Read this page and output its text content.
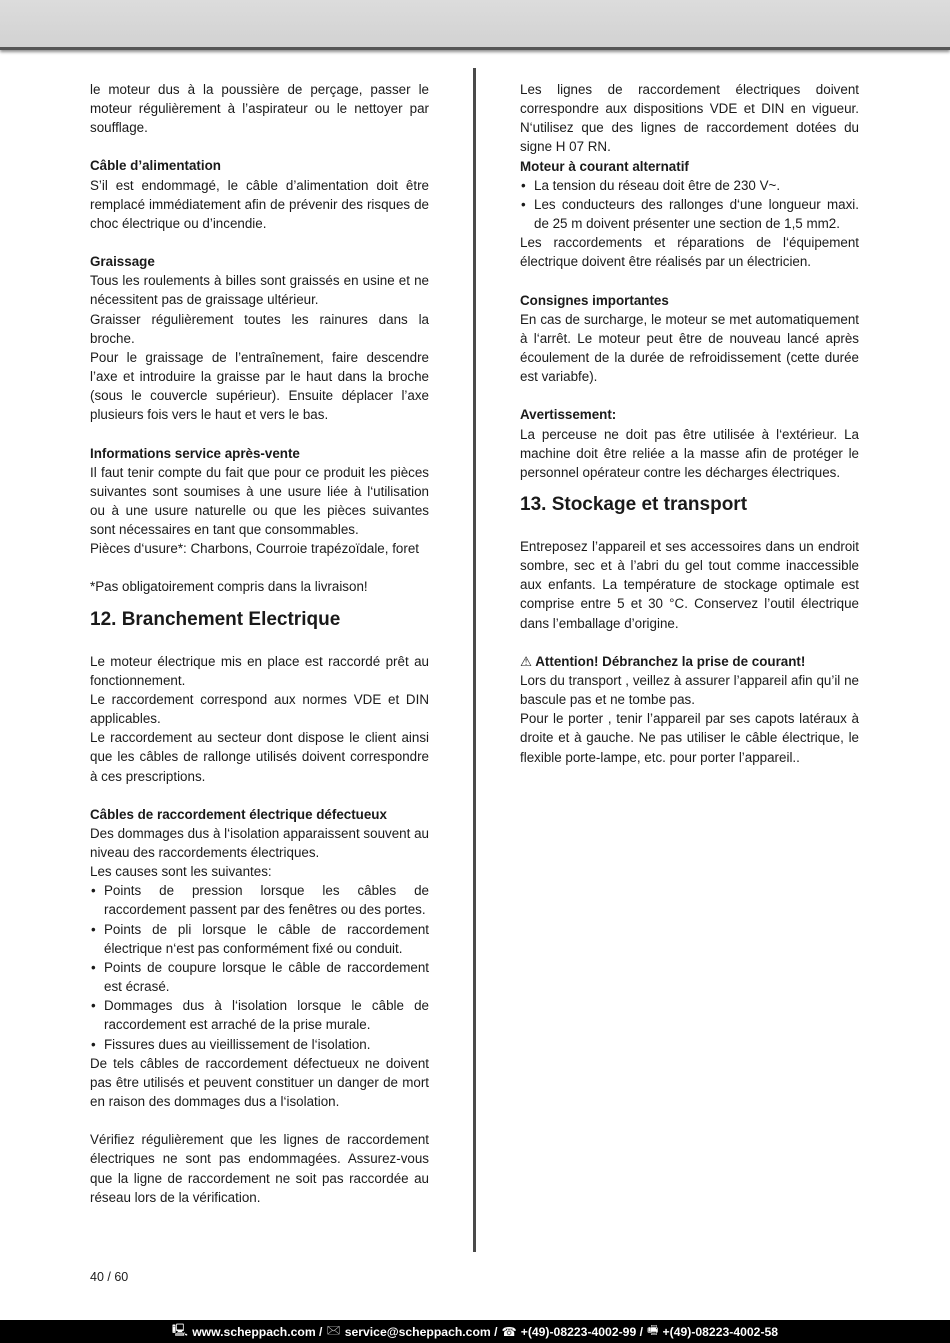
le moteur dus à la poussière de perçage, passer le moteur régulièrement à l’aspirateur ou le nettoyer par soufflage.

Câble d’alimentation

S’il est endommagé, le câble d’alimentation doit être remplacé immédiatement afin de prévenir des risques de choc électrique ou d’incendie.

Graissage

Tous les roulements à billes sont graissés en usine et ne nécessitent pas de graissage ultérieur.

Graisser régulièrement toutes les rainures dans la broche.

Pour le graissage de l’entraînement, faire descendre l’axe et introduire la graisse par le haut dans la broche (sous le couvercle supérieur). Ensuite déplacer l’axe plusieurs fois vers le haut et vers le bas.

Informations service après-vente

Il faut tenir compte du fait que pour ce produit les pièces suivantes sont soumises à une usure liée à l‘utilisation ou à une usure naturelle ou que les pièces suivantes sont nécessaires en tant que consommables.

Pièces d‘usure*: Charbons, Courroie trapézoïdale, foret

*Pas obligatoirement compris dans la livraison!

12. Branchement Electrique

Le moteur électrique mis en place est raccordé prêt au fonctionnement.

Le raccordement correspond aux normes VDE et DIN applicables.

Le raccordement au secteur dont dispose le client ainsi que les câbles de rallonge utilisés doivent correspondre à ces prescriptions.

Câbles de raccordement électrique défectueux

Des dommages dus à l‘isolation apparaissent souvent au niveau des raccordements électriques.

Les causes sont les suivantes:

• Points de pression lorsque les câbles de raccordement passent par des fenêtres ou des portes.
• Points de pli lorsque le câble de raccordement électrique n‘est pas conformément fixé ou conduit.
• Points de coupure lorsque le câble de raccordement est écrasé.
• Dommages dus à l‘isolation lorsque le câble de raccordement est arraché de la prise murale.
• Fissures dues au vieillissement de l‘isolation.

De tels câbles de raccordement défectueux ne doivent pas être utilisés et peuvent constituer un danger de mort en raison des dommages dus a l‘isolation.

Vérifiez régulièrement que les lignes de raccordement électriques ne sont pas endommagées. Assurez-vous que la ligne de raccordement ne soit pas raccordée au réseau lors de la vérification.

Les lignes de raccordement électriques doivent correspondre aux dispositions VDE et DIN en vigueur. N‘utilisez que des lignes de raccordement dotées du signe H 07 RN.

Moteur à courant alternatif

• La tension du réseau doit être de 230 V~.
• Les conducteurs des rallonges d‘une longueur maxi. de 25 m doivent présenter une section de 1,5 mm2.

Les raccordements et réparations de l‘équipement électrique doivent être réalisés par un électricien.

Consignes importantes

En cas de surcharge, le moteur se met automatiquement à l‘arrêt. Le moteur peut être de nouveau lancé après écoulement de la durée de refroidissement (cette durée est variabfe).

Avertissement:

La perceuse ne doit pas être utilisée à l‘extérieur. La machine doit être reliée a la masse afin de protéger le personnel opérateur contre les décharges électriques.

13. Stockage et transport

Entreposez l’appareil et ses accessoires dans un endroit sombre, sec et à l’abri du gel tout comme inaccessible aux enfants. La température de stockage optimale est comprise entre 5 et 30 °C. Conservez l’outil électrique dans l’emballage d’origine.

⚠ Attention! Débranchez la prise de courant!

Lors du transport , veillez à assurer l’appareil afin qu’il ne bascule pas et ne tombe pas.

Pour le porter , tenir l’appareil par ses capots latéraux à droite et à gauche. Ne pas utiliser le câble électrique, le flexible porte-lampe, etc. pour porter l’appareil..

40 / 60
🖳 www.scheppach.com / 🖂 service@scheppach.com / ☎ +(49)-08223-4002-99 / 🖷 +(49)-08223-4002-58
